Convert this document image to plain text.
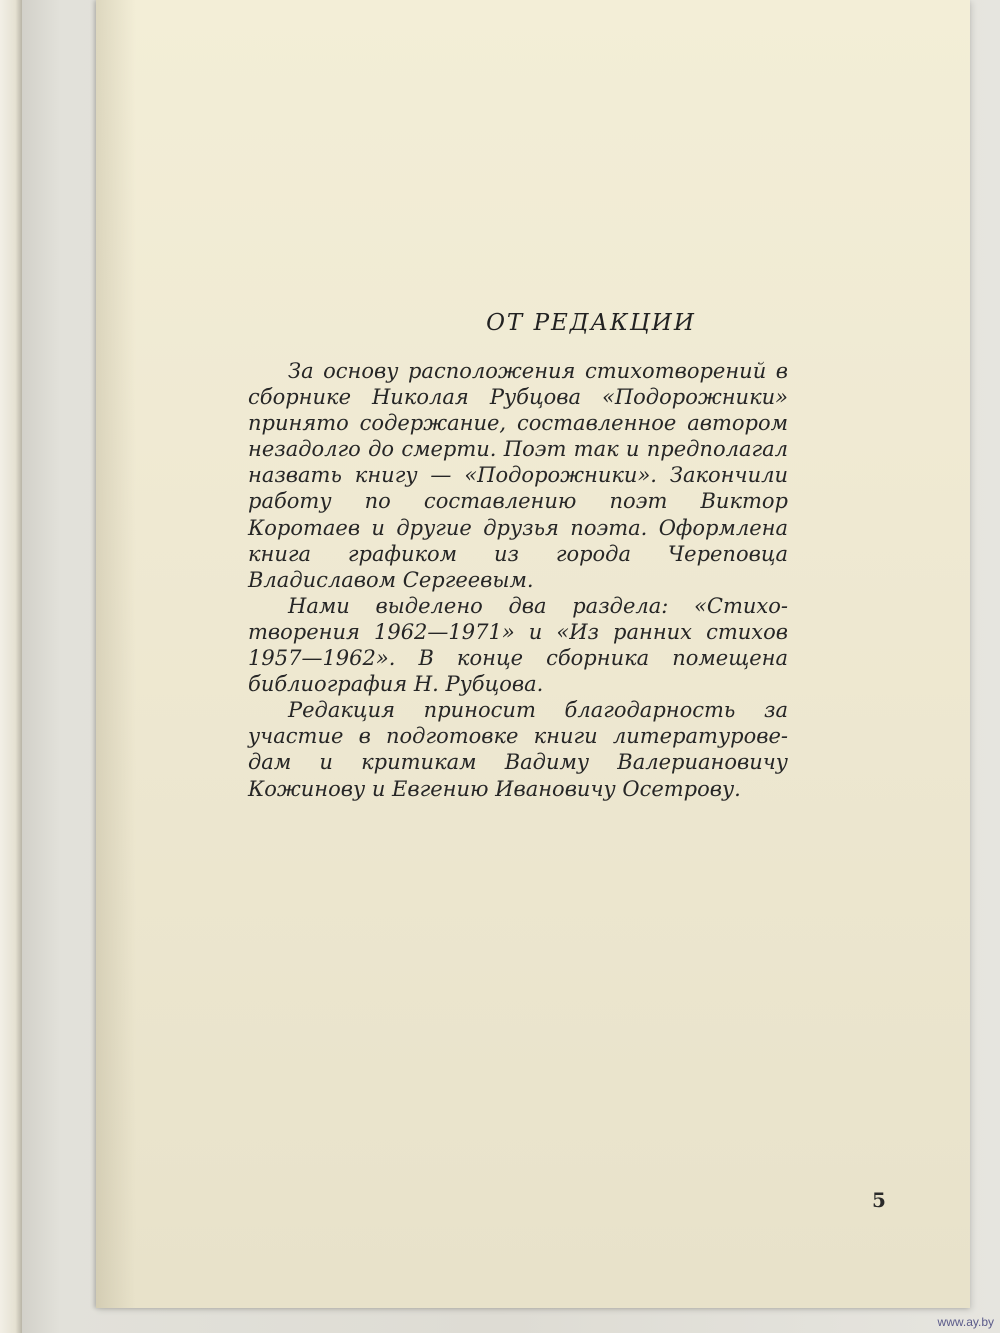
ОТ РЕДАКЦИИ

За основу расположения стихотворений в сборнике Николая Рубцова «Подорожники» принято содержание, составленное автором незадолго до смерти. Поэт так и предполагал назвать книгу — «Подорожники». Закончили работу по составлению поэт Виктор Коротаев и другие друзья поэта. Оформлена книга графиком из города Череповца Владиславом Сергеевым.

Нами выделено два раздела: «Стихотворения 1962—1971» и «Из ранних стихов 1957—1962». В конце сборника помещена библиография Н. Рубцова.

Редакция приносит благодарность за участие в подготовке книги литературоведам и критикам Вадиму Валериановичу Кожинову и Евгению Ивановичу Осетрову.

5
www.ay.by
